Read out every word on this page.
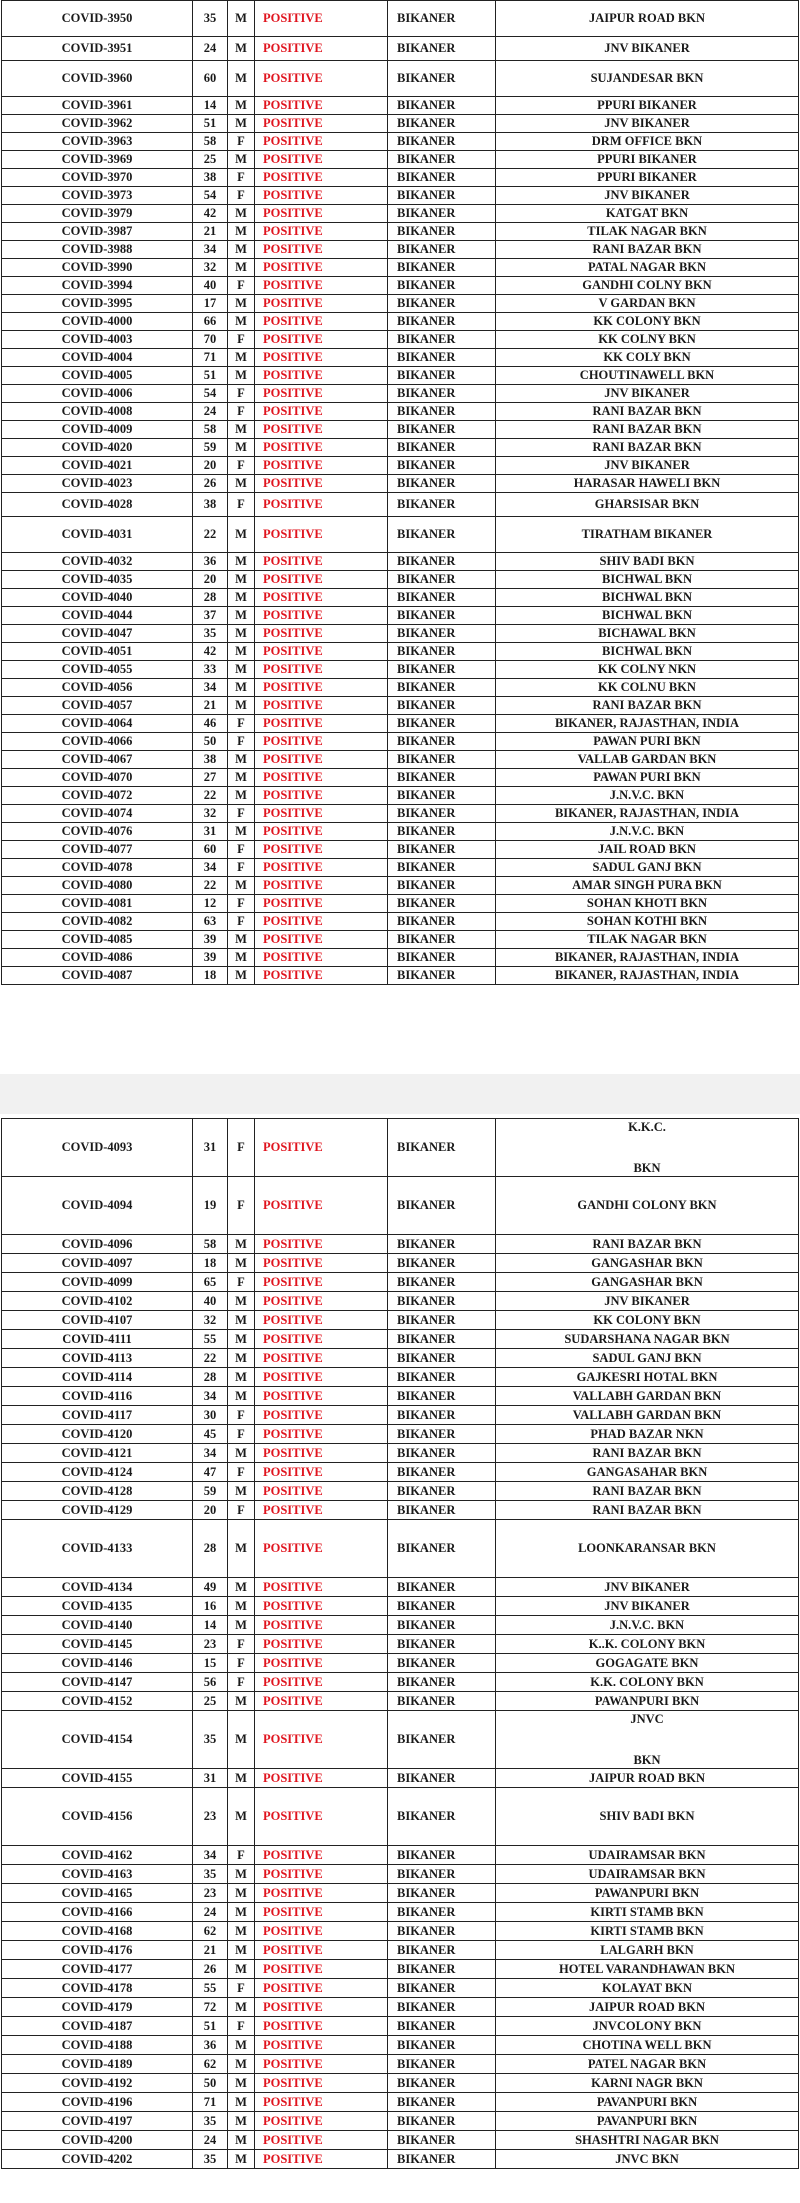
COVID-3950	35	M	POSITIVE	BIKANER	JAIPUR ROAD BKN
COVID-3951	24	M	POSITIVE	BIKANER	JNV BIKANER
COVID-3960	60	M	POSITIVE	BIKANER	SUJANDESAR BKN
COVID-3961	14	M	POSITIVE	BIKANER	PPURI BIKANER
COVID-3962	51	M	POSITIVE	BIKANER	JNV BIKANER
COVID-3963	58	F	POSITIVE	BIKANER	DRM OFFICE BKN
COVID-3969	25	M	POSITIVE	BIKANER	PPURI BIKANER
COVID-3970	38	F	POSITIVE	BIKANER	PPURI BIKANER
COVID-3973	54	F	POSITIVE	BIKANER	JNV BIKANER
COVID-3979	42	M	POSITIVE	BIKANER	KATGAT BKN
COVID-3987	21	M	POSITIVE	BIKANER	TILAK NAGAR BKN
COVID-3988	34	M	POSITIVE	BIKANER	RANI BAZAR BKN
COVID-3990	32	M	POSITIVE	BIKANER	PATAL NAGAR BKN
COVID-3994	40	F	POSITIVE	BIKANER	GANDHI COLNY BKN
COVID-3995	17	M	POSITIVE	BIKANER	V GARDAN BKN
COVID-4000	66	M	POSITIVE	BIKANER	KK COLONY BKN
COVID-4003	70	F	POSITIVE	BIKANER	KK COLNY BKN
COVID-4004	71	M	POSITIVE	BIKANER	KK COLY BKN
COVID-4005	51	M	POSITIVE	BIKANER	CHOUTINAWELL BKN
COVID-4006	54	F	POSITIVE	BIKANER	JNV BIKANER
COVID-4008	24	F	POSITIVE	BIKANER	RANI BAZAR BKN
COVID-4009	58	M	POSITIVE	BIKANER	RANI BAZAR BKN
COVID-4020	59	M	POSITIVE	BIKANER	RANI BAZAR BKN
COVID-4021	20	F	POSITIVE	BIKANER	JNV BIKANER
COVID-4023	26	M	POSITIVE	BIKANER	HARASAR HAWELI BKN
COVID-4028	38	F	POSITIVE	BIKANER	GHARSISAR BKN
COVID-4031	22	M	POSITIVE	BIKANER	TIRATHAM BIKANER
COVID-4032	36	M	POSITIVE	BIKANER	SHIV BADI BKN
COVID-4035	20	M	POSITIVE	BIKANER	BICHWAL BKN
COVID-4040	28	M	POSITIVE	BIKANER	BICHWAL BKN
COVID-4044	37	M	POSITIVE	BIKANER	BICHWAL BKN
COVID-4047	35	M	POSITIVE	BIKANER	BICHAWAL BKN
COVID-4051	42	M	POSITIVE	BIKANER	BICHWAL BKN
COVID-4055	33	M	POSITIVE	BIKANER	KK COLNY NKN
COVID-4056	34	M	POSITIVE	BIKANER	KK COLNU BKN
COVID-4057	21	M	POSITIVE	BIKANER	RANI BAZAR BKN
COVID-4064	46	F	POSITIVE	BIKANER	BIKANER, RAJASTHAN, INDIA
COVID-4066	50	F	POSITIVE	BIKANER	PAWAN PURI BKN
COVID-4067	38	M	POSITIVE	BIKANER	VALLAB GARDAN BKN
COVID-4070	27	M	POSITIVE	BIKANER	PAWAN PURI BKN
COVID-4072	22	M	POSITIVE	BIKANER	J.N.V.C. BKN
COVID-4074	32	F	POSITIVE	BIKANER	BIKANER, RAJASTHAN, INDIA
COVID-4076	31	M	POSITIVE	BIKANER	J.N.V.C. BKN
COVID-4077	60	F	POSITIVE	BIKANER	JAIL ROAD BKN
COVID-4078	34	F	POSITIVE	BIKANER	SADUL GANJ BKN
COVID-4080	22	M	POSITIVE	BIKANER	AMAR SINGH PURA BKN
COVID-4081	12	F	POSITIVE	BIKANER	SOHAN KHOTI BKN
COVID-4082	63	F	POSITIVE	BIKANER	SOHAN KOTHI BKN
COVID-4085	39	M	POSITIVE	BIKANER	TILAK NAGAR BKN
COVID-4086	39	M	POSITIVE	BIKANER	BIKANER, RAJASTHAN, INDIA
COVID-4087	18	M	POSITIVE	BIKANER	BIKANER, RAJASTHAN, INDIA
COVID-4093	31	F	POSITIVE	BIKANER	K.K.C.
BKN

COVID-4094	19	F	POSITIVE	BIKANER	GANDHI COLONY BKN
COVID-4096	58	M	POSITIVE	BIKANER	RANI BAZAR BKN
COVID-4097	18	M	POSITIVE	BIKANER	GANGASHAR BKN
COVID-4099	65	F	POSITIVE	BIKANER	GANGASHAR BKN
COVID-4102	40	M	POSITIVE	BIKANER	JNV BIKANER
COVID-4107	32	M	POSITIVE	BIKANER	KK COLONY BKN
COVID-4111	55	M	POSITIVE	BIKANER	SUDARSHANA NAGAR BKN
COVID-4113	22	M	POSITIVE	BIKANER	SADUL GANJ BKN
COVID-4114	28	M	POSITIVE	BIKANER	GAJKESRI HOTAL BKN
COVID-4116	34	M	POSITIVE	BIKANER	VALLABH GARDAN BKN
COVID-4117	30	F	POSITIVE	BIKANER	VALLABH GARDAN BKN
COVID-4120	45	F	POSITIVE	BIKANER	PHAD BAZAR NKN
COVID-4121	34	M	POSITIVE	BIKANER	RANI BAZAR BKN
COVID-4124	47	F	POSITIVE	BIKANER	GANGASAHAR BKN
COVID-4128	59	M	POSITIVE	BIKANER	RANI BAZAR BKN
COVID-4129	20	F	POSITIVE	BIKANER	RANI BAZAR BKN
COVID-4133	28	M	POSITIVE	BIKANER	LOONKARANSAR BKN
COVID-4134	49	M	POSITIVE	BIKANER	JNV BIKANER
COVID-4135	16	M	POSITIVE	BIKANER	JNV BIKANER
COVID-4140	14	M	POSITIVE	BIKANER	J.N.V.C. BKN
COVID-4145	23	F	POSITIVE	BIKANER	K..K. COLONY BKN
COVID-4146	15	F	POSITIVE	BIKANER	GOGAGATE BKN
COVID-4147	56	F	POSITIVE	BIKANER	K.K. COLONY BKN
COVID-4152	25	M	POSITIVE	BIKANER	PAWANPURI BKN
COVID-4154	35	M	POSITIVE	BIKANER	JNVC
BKN

COVID-4155	31	M	POSITIVE	BIKANER	JAIPUR ROAD BKN
COVID-4156	23	M	POSITIVE	BIKANER	SHIV BADI BKN
COVID-4162	34	F	POSITIVE	BIKANER	UDAIRAMSAR BKN
COVID-4163	35	M	POSITIVE	BIKANER	UDAIRAMSAR BKN
COVID-4165	23	M	POSITIVE	BIKANER	PAWANPURI BKN
COVID-4166	24	M	POSITIVE	BIKANER	KIRTI STAMB BKN
COVID-4168	62	M	POSITIVE	BIKANER	KIRTI STAMB BKN
COVID-4176	21	M	POSITIVE	BIKANER	LALGARH BKN
COVID-4177	26	M	POSITIVE	BIKANER	HOTEL VARANDHAWAN BKN
COVID-4178	55	F	POSITIVE	BIKANER	KOLAYAT BKN
COVID-4179	72	M	POSITIVE	BIKANER	JAIPUR ROAD BKN
COVID-4187	51	F	POSITIVE	BIKANER	JNVCOLONY BKN
COVID-4188	36	M	POSITIVE	BIKANER	CHOTINA WELL BKN
COVID-4189	62	M	POSITIVE	BIKANER	PATEL NAGAR BKN
COVID-4192	50	M	POSITIVE	BIKANER	KARNI NAGR BKN
COVID-4196	71	M	POSITIVE	BIKANER	PAVANPURI BKN
COVID-4197	35	M	POSITIVE	BIKANER	PAVANPURI BKN
COVID-4200	24	M	POSITIVE	BIKANER	SHASHTRI NAGAR BKN
COVID-4202	35	M	POSITIVE	BIKANER	JNVC BKN
